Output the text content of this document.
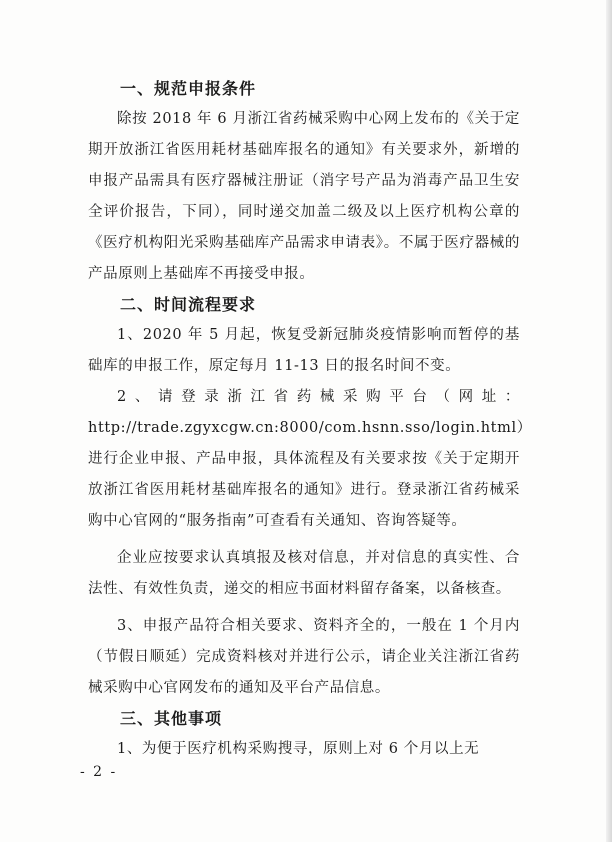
一、规范申报条件

除按 2018 年 6 月浙江省药械采购中心网上发布的《关于定期开放浙江省医用耗材基础库报名的通知》有关要求外，新增的申报产品需具有医疗器械注册证（消字号产品为消毒产品卫生安全评价报告，下同），同时递交加盖二级及以上医疗机构公章的《医疗机构阳光采购基础库产品需求申请表》。不属于医疗器械的产品原则上基础库不再接受申报。

二、时间流程要求

1、2020 年 5 月起，恢复受新冠肺炎疫情影响而暂停的基础库的申报工作，原定每月 11-13 日的报名时间不变。

2、请登录浙江省药械采购平台（网址：http://trade.zgyxcgw.cn:8000/com.hsnn.sso/login.html）进行企业申报、产品申报，具体流程及有关要求按《关于定期开放浙江省医用耗材基础库报名的通知》进行。登录浙江省药械采购中心官网的“服务指南”可查看有关通知、咨询答疑等。

企业应按要求认真填报及核对信息，并对信息的真实性、合法性、有效性负责，递交的相应书面材料留存备案，以备核查。

3、申报产品符合相关要求、资料齐全的，一般在 1 个月内（节假日顺延）完成资料核对并进行公示，请企业关注浙江省药械采购中心官网发布的通知及平台产品信息。

三、其他事项

1、为便于医疗机构采购搜寻，原则上对 6 个月以上无

- 2 -
